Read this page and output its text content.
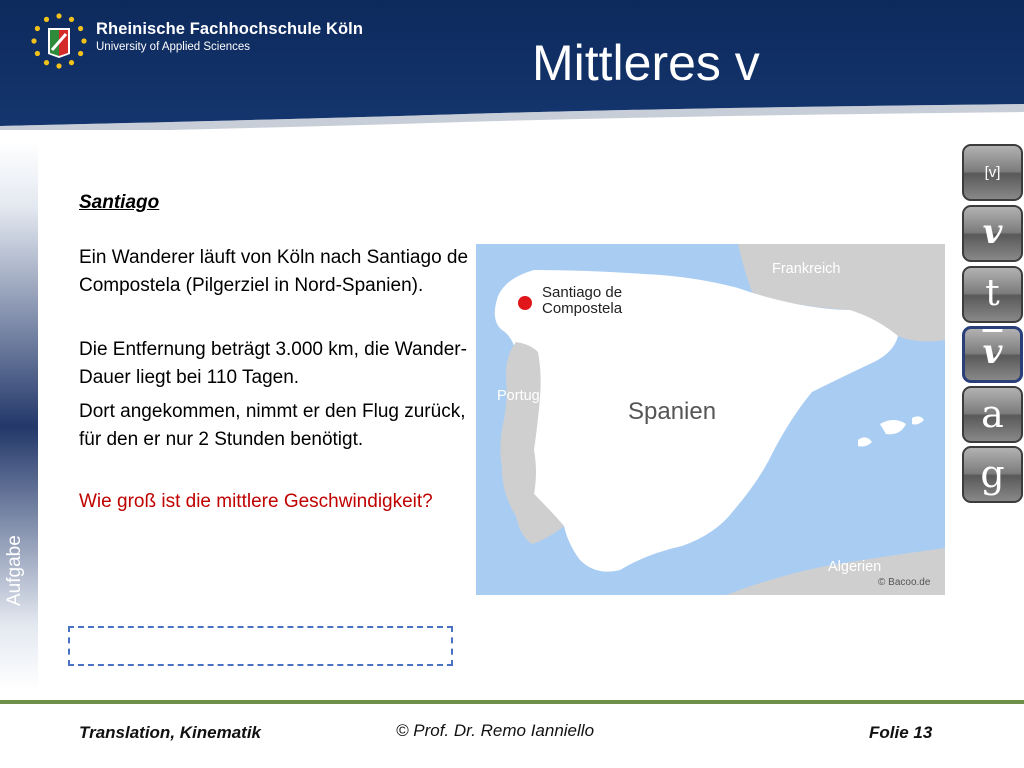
Rheinische Fachhochschule Köln
University of Applied Sciences	Mittleres v
Aufgabe
Santiago
Ein Wanderer läuft von Köln nach Santiago de Compostela (Pilgerziel in Nord-Spanien).
Die Entfernung beträgt 3.000 km, die Wander-Dauer liegt bei 110 Tagen.
Dort angekommen, nimmt er den Flug zurück, für den er nur 2 Stunden benötigt.
Wie groß ist die mittlere Geschwindigkeit?
Santiago de
Compostela
Spanien
Frankreich
Portugal
Algerien
© Bacoo.de
[v]
v
t
$\overline{v}$
a
g
Translation, Kinematik	© Prof. Dr. Remo Ianniello	Folie 13
